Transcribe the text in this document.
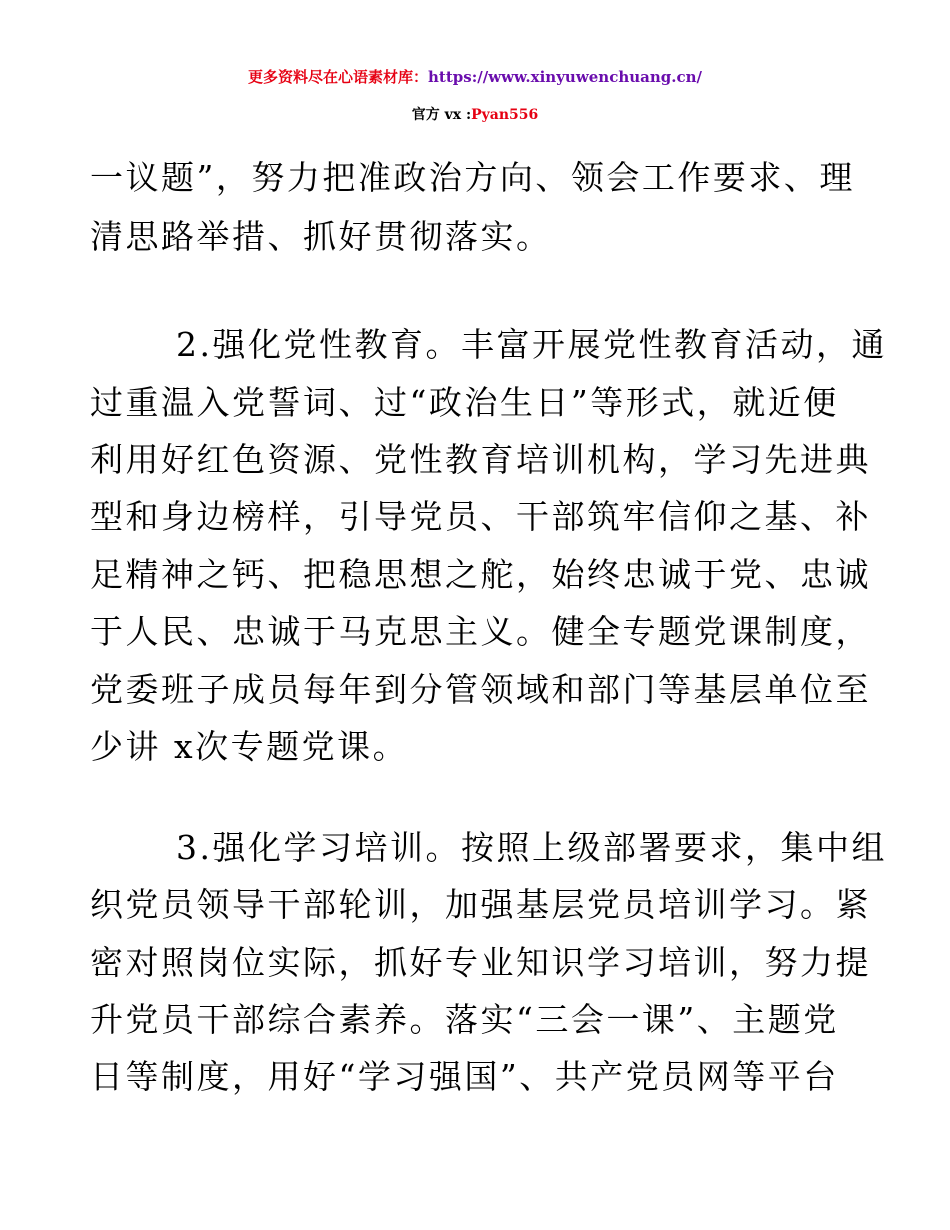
更多资料尽在心语素材库：https://www.xinyuwenchuang.cn/
官方 vx :Pyan556
一议题”，努力把准政治方向、领会工作要求、理
清思路举措、抓好贯彻落实。
2.强化党性教育。丰富开展党性教育活动，通
过重温入党誓词、过“政治生日”等形式，就近便
利用好红色资源、党性教育培训机构，学习先进典
型和身边榜样，引导党员、干部筑牢信仰之基、补
足精神之钙、把稳思想之舵，始终忠诚于党、忠诚
于人民、忠诚于马克思主义。健全专题党课制度，
党委班子成员每年到分管领域和部门等基层单位至
少讲 x次专题党课。
3.强化学习培训。按照上级部署要求，集中组
织党员领导干部轮训，加强基层党员培训学习。紧
密对照岗位实际，抓好专业知识学习培训，努力提
升党员干部综合素养。落实“三会一课”、主题党
日等制度，用好“学习强国”、共产党员网等平台
